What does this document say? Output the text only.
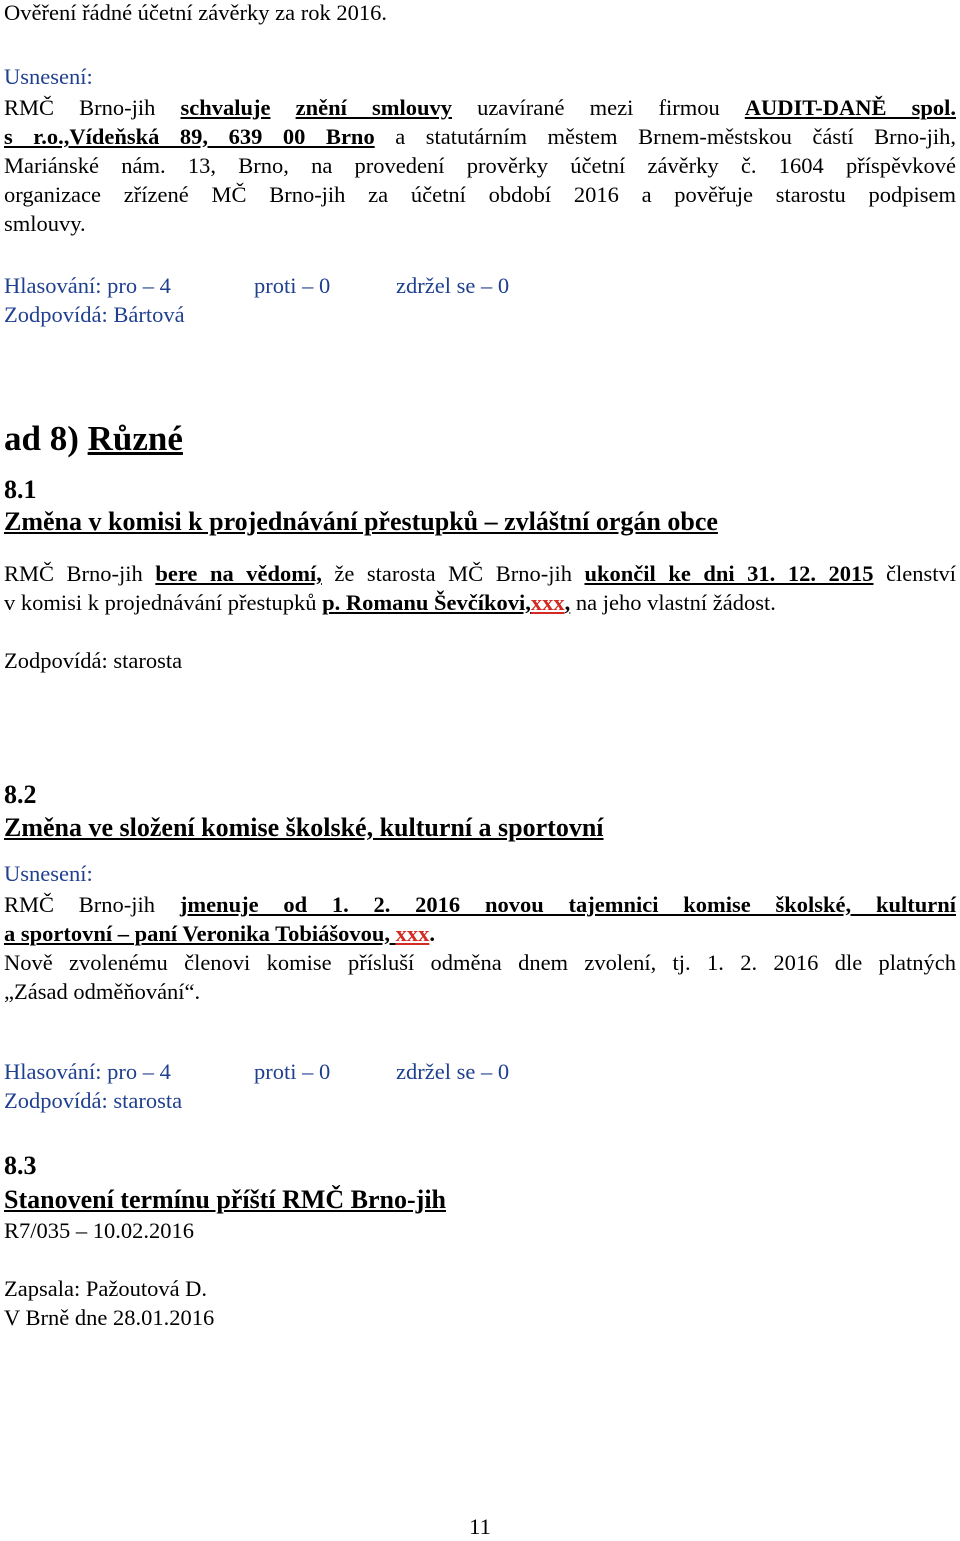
Ověření řádné účetní závěrky za rok 2016.
Usnesení:
RMČ Brno-jih schvaluje znění smlouvy uzavírané mezi firmou AUDIT-DANĚ spol.
s r.o.,Vídeňská 89, 639 00 Brno a statutárním městem Brnem-městskou částí Brno-jih,
Mariánské nám. 13, Brno, na provedení prověrky účetní závěrky č. 1604 příspěvkové
organizace zřízené MČ Brno-jih za účetní období 2016 a pověřuje starostu podpisem
smlouvy.
Hlasování: pro – 4	proti – 0	zdržel se – 0
Zodpovídá: Bártová
ad 8) Různé
8.1
Změna v komisi k projednávání přestupků – zvláštní orgán obce
RMČ Brno-jih bere na vědomí, že starosta MČ Brno-jih ukončil ke dni 31. 12. 2015 členství
v komisi k projednávání přestupků p. Romanu Ševčíkovi,xxx, na jeho vlastní žádost.
Zodpovídá: starosta
8.2
Změna ve složení komise školské, kulturní a sportovní
Usnesení:
RMČ Brno-jih jmenuje od 1. 2. 2016 novou tajemnici komise školské, kulturní
a sportovní – paní Veronika Tobiášovou, xxx.
Nově zvolenému členovi komise přísluší odměna dnem zvolení, tj. 1. 2. 2016 dle platných
„Zásad odměňování“.
Hlasování: pro – 4	proti – 0	zdržel se – 0
Zodpovídá: starosta
8.3
Stanovení termínu příští RMČ Brno-jih
R7/035 – 10.02.2016
Zapsala: Pažoutová D.
V Brně dne 28.01.2016
11
